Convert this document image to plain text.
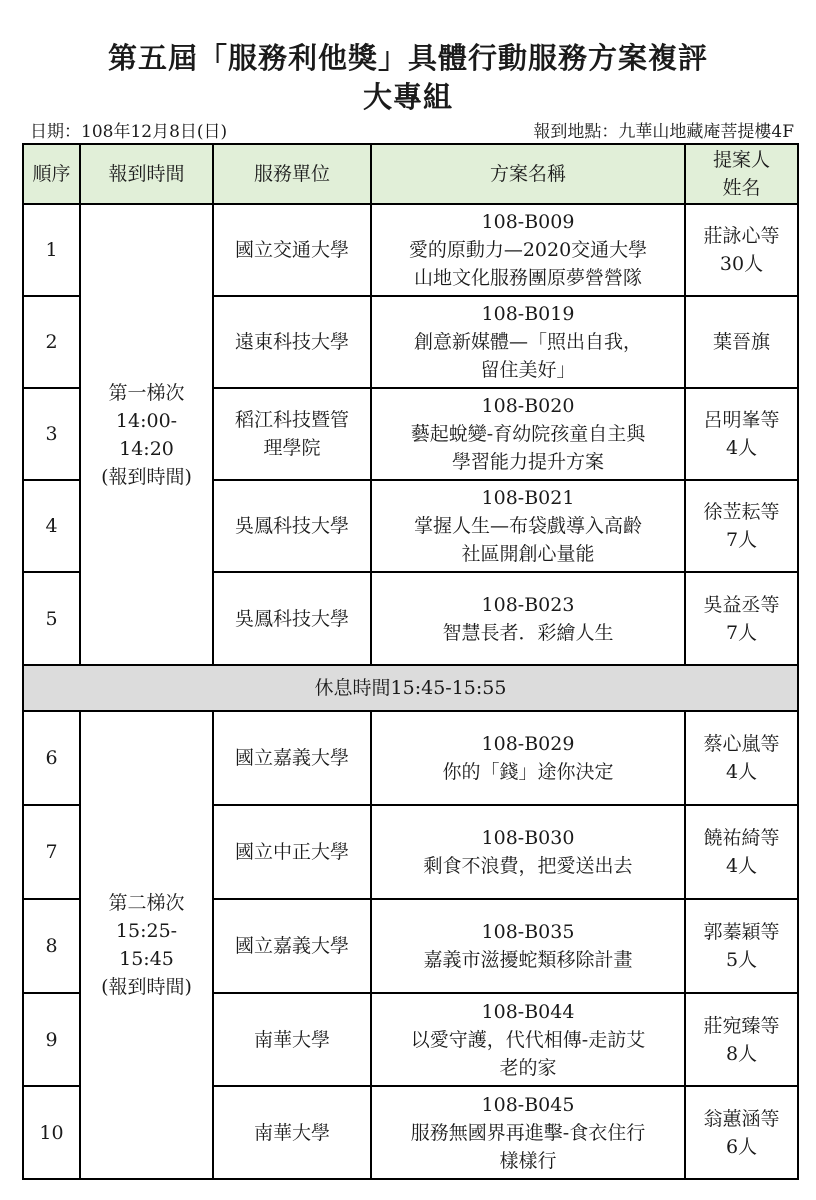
第五屆「服務利他獎」具體行動服務方案複評
大專組
日期：108年12月8日(日)	報到地點：九華山地藏庵菩提樓4F
順序	報到時間	服務單位	方案名稱	提案人
姓名

1	第一梯次
14:00-
14:20
(報到時間)	國立交通大學	108-B009
愛的原動力—2020交通大學
山地文化服務團原夢營營隊	莊詠心等
30人

2		遠東科技大學	108-B019
創意新媒體—「照出自我，
留住美好」	葉晉旗

3		稻江科技暨管
理學院	108-B020
藝起蛻變-育幼院孩童自主與
學習能力提升方案	呂明峯等
4人

4		吳鳳科技大學	108-B021
掌握人生—布袋戲導入高齡
社區開創心量能	徐苙耘等
7人

5		吳鳳科技大學	108-B023
智慧長者．彩繪人生	吳益丞等
7人

休息時間15:45-15:55				
6	第二梯次
15:25-
15:45
(報到時間)	國立嘉義大學	108-B029
你的「錢」途你決定	蔡心嵐等
4人

7		國立中正大學	108-B030
剩食不浪費，把愛送出去	饒祐綺等
4人

8		國立嘉義大學	108-B035
嘉義市滋擾蛇類移除計畫	郭蓁穎等
5人

9		南華大學	108-B044
以愛守護，代代相傳-走訪艾
老的家	莊宛臻等
8人

10		南華大學	108-B045
服務無國界再進擊-食衣住行
樣樣行	翁蕙涵等
6人
